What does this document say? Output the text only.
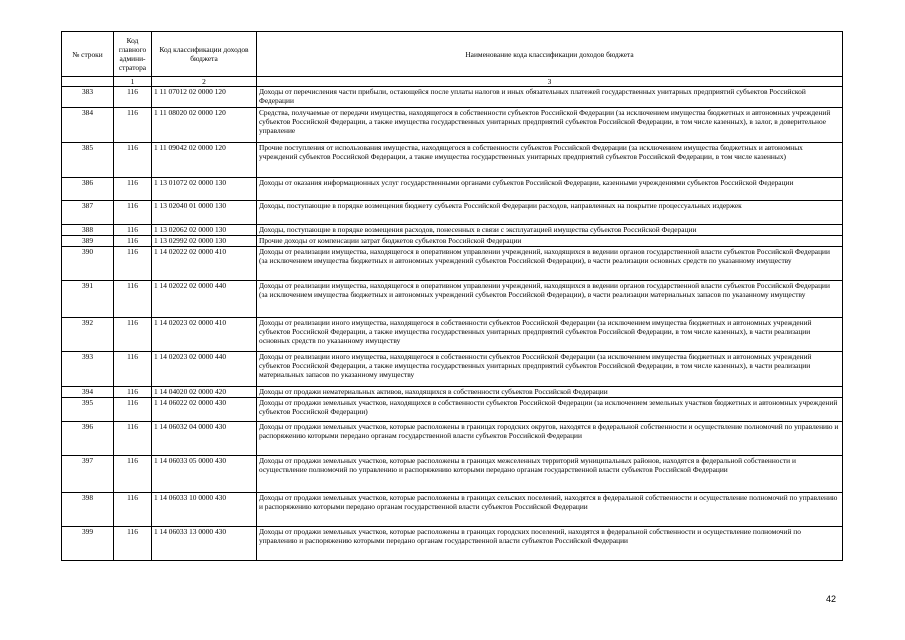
№ строки	Код главного админи-стратора	Код классификации доходов бюджета	Наименование кода классификации доходов бюджета
	1	2	3
383	116	1 11 07012 02 0000 120	Доходы от перечисления части прибыли, остающейся после уплаты налогов и иных обязательных платежей государственных унитарных предприятий субъектов Российской Федерации
384	116	1 11 08020 02 0000 120	Средства, получаемые от передачи имущества, находящегося в собственности субъектов Российской Федерации (за исключением имущества бюджетных и автономных учреждений субъектов Российской Федерации, а также имущества государственных унитарных предприятий субъектов Российской Федерации, в том числе казенных), в залог, в доверительное управление
385	116	1 11 09042 02 0000 120	Прочие поступления от использования имущества, находящегося в собственности субъектов Российской Федерации (за исключением имущества бюджетных и автономных учреждений субъектов Российской Федерации, а также имущества государственных унитарных предприятий субъектов Российской Федерации, в том числе казенных)
386	116	1 13 01072 02 0000 130	Доходы от оказания информационных услуг государственными органами субъектов Российской Федерации, казенными учреждениями субъектов Российской Федерации
387	116	1 13 02040 01 0000 130	Доходы, поступающие в порядке возмещения бюджету субъекта Российской Федерации расходов, направленных на покрытие процессуальных издержек
388	116	1 13 02062 02 0000 130	Доходы, поступающие в порядке возмещения расходов, понесенных в связи с эксплуатацией имущества субъектов Российской Федерации
389	116	1 13 02992 02 0000 130	Прочие доходы от компенсации затрат бюджетов субъектов Российской Федерации
390	116	1 14 02022 02 0000 410	Доходы от реализации имущества, находящегося в оперативном управлении учреждений, находящихся в ведении органов государственной власти субъектов Российской Федерации (за исключением имущества бюджетных и автономных учреждений субъектов Российской Федерации), в части реализации основных средств по указанному имуществу
391	116	1 14 02022 02 0000 440	Доходы от реализации имущества, находящегося в оперативном управлении учреждений, находящихся в ведении органов государственной власти субъектов Российской Федерации (за исключением имущества бюджетных и автономных учреждений субъектов Российской Федерации), в части реализации материальных запасов по указанному имуществу
392	116	1 14 02023 02 0000 410	Доходы от реализации иного имущества, находящегося в собственности субъектов Российской Федерации (за исключением имущества бюджетных и автономных учреждений субъектов Российской Федерации, а также имущества государственных унитарных предприятий субъектов Российской Федерации, в том числе казенных), в части реализации основных средств по указанному имуществу
393	116	1 14 02023 02 0000 440	Доходы от реализации иного имущества, находящегося в собственности субъектов Российской Федерации (за исключением имущества бюджетных и автономных учреждений субъектов Российской Федерации, а также имущества государственных унитарных предприятий субъектов Российской Федерации, в том числе казенных), в части реализации материальных запасов по указанному имуществу
394	116	1 14 04020 02 0000 420	Доходы от продажи нематериальных активов, находящихся в собственности субъектов Российской Федерации
395	116	1 14 06022 02 0000 430	Доходы от продажи земельных участков, находящихся в собственности субъектов Российской Федерации (за исключением земельных участков бюджетных и автономных учреждений субъектов Российской Федерации)
396	116	1 14 06032 04 0000 430	Доходы от продажи земельных участков, которые расположены в границах городских округов, находятся в федеральной собственности и осуществление полномочий по управлению и распоряжению которыми передано органам государственной власти субъектов Российской Федерации
397	116	1 14 06033 05 0000 430	Доходы от продажи земельных участков, которые расположены в границах межселенных территорий муниципальных районов, находятся в федеральной собственности и осуществление полномочий по управлению и распоряжению которыми передано органам государственной власти субъектов Российской Федерации
398	116	1 14 06033 10 0000 430	Доходы от продажи земельных участков, которые расположены в границах сельских поселений, находятся в федеральной собственности и осуществление полномочий по управлению и распоряжению которыми передано органам государственной власти субъектов Российской Федерации
399	116	1 14 06033 13 0000 430	Доходы от продажи земельных участков, которые расположены в границах городских поселений, находятся в федеральной собственности и осуществление полномочий по управлению и распоряжению которыми передано органам государственной власти субъектов Российской Федерации
42
